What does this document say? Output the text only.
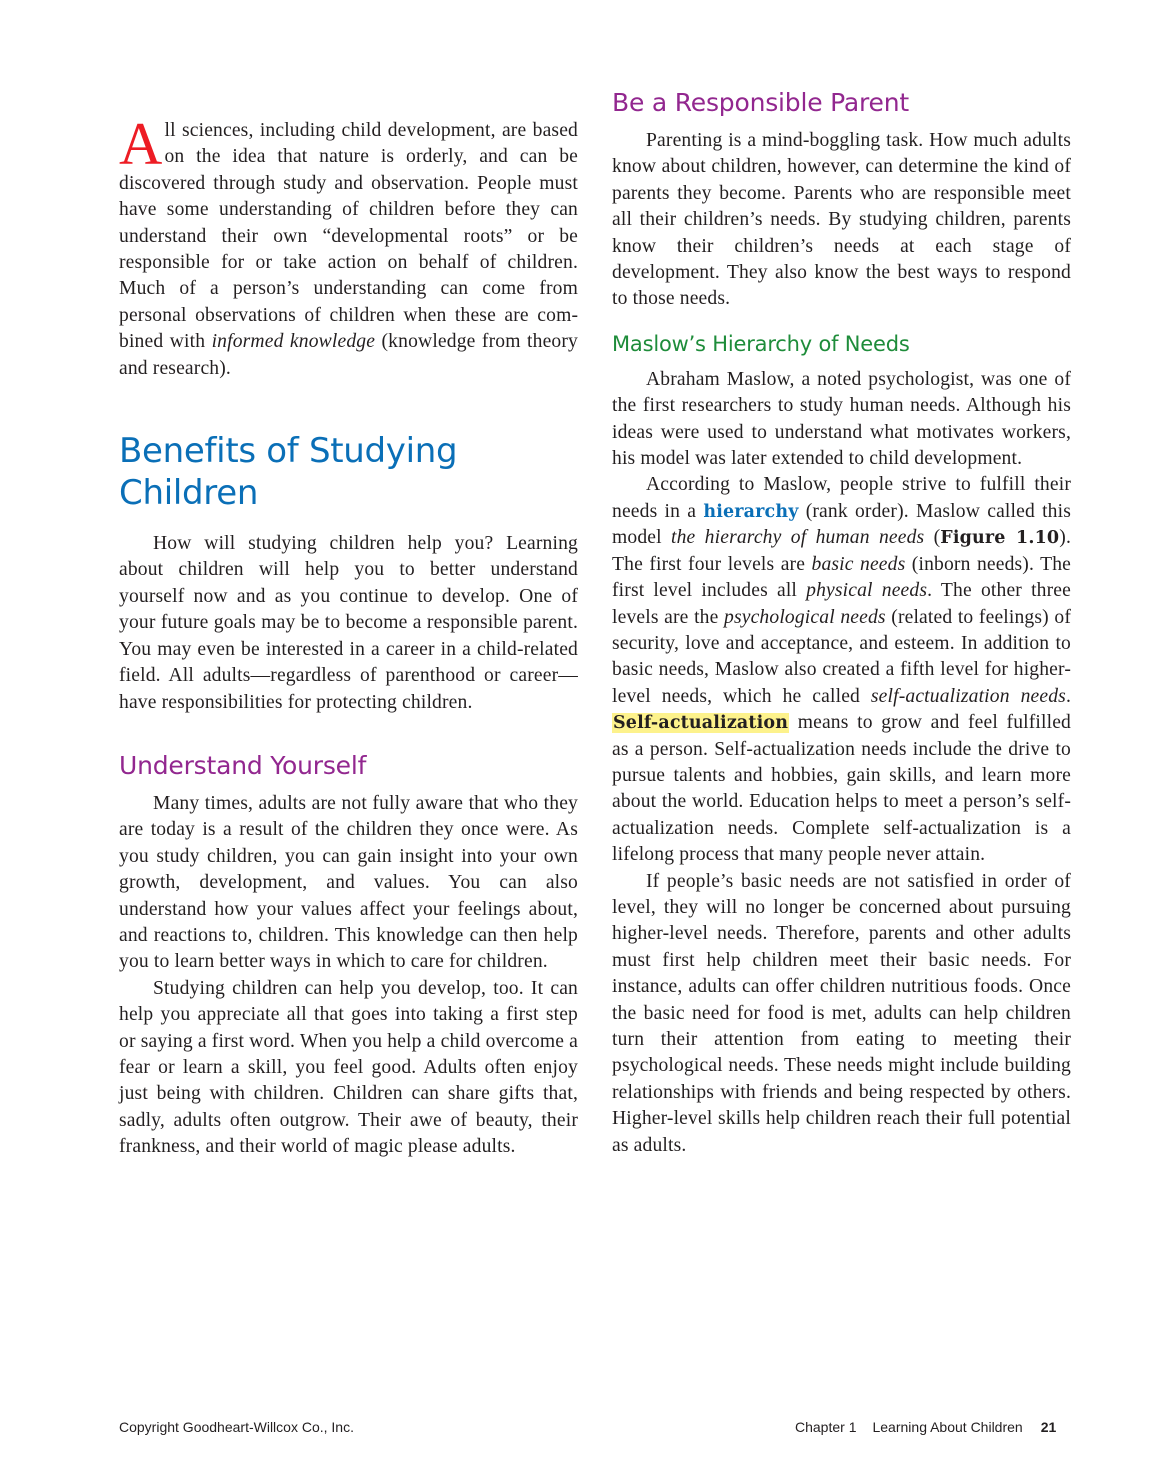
All sciences, including child development, are based on the idea that nature is orderly, and can be discovered through study and observation. People must have some understanding of children before they can understand their own “developmental roots” or be responsible for or take action on behalf of children. Much of a person’s understanding can come from personal observations of children when these are combined with informed knowledge (knowledge from theory and research).

Benefits of Studying Children

How will studying children help you? Learning about children will help you to better understand yourself now and as you continue to develop. One of your future goals may be to become a responsible parent. You may even be interested in a career in a child-related field. All adults—regardless of parenthood or career—have responsibilities for protecting children.

Understand Yourself

Many times, adults are not fully aware that who they are today is a result of the children they once were. As you study children, you can gain insight into your own growth, development, and values. You can also understand how your values affect your feelings about, and reactions to, children. This knowledge can then help you to learn better ways in which to care for children.

Studying children can help you develop, too. It can help you appreciate all that goes into taking a first step or saying a first word. When you help a child overcome a fear or learn a skill, you feel good. Adults often enjoy just being with children. Children can share gifts that, sadly, adults often outgrow. Their awe of beauty, their frankness, and their world of magic please adults.

Be a Responsible Parent

Parenting is a mind-boggling task. How much adults know about children, however, can determine the kind of parents they become. Parents who are responsible meet all their children’s needs. By studying children, parents know their children’s needs at each stage of development. They also know the best ways to respond to those needs.

Maslow’s Hierarchy of Needs

Abraham Maslow, a noted psychologist, was one of the first researchers to study human needs. Although his ideas were used to understand what motivates workers, his model was later extended to child development.

According to Maslow, people strive to fulfill their needs in a hierarchy (rank order). Maslow called this model the hierarchy of human needs (Figure 1.10). The first four levels are basic needs (inborn needs). The first level includes all physical needs. The other three levels are the psychological needs (related to feelings) of security, love and acceptance, and esteem. In addition to basic needs, Maslow also created a fifth level for higher-level needs, which he called self-actualization needs. Self-actualization means to grow and feel fulfilled as a person. Self-actualization needs include the drive to pursue talents and hobbies, gain skills, and learn more about the world. Education helps to meet a person’s self-actualization needs. Complete self-actualization is a lifelong process that many people never attain.

If people’s basic needs are not satisfied in order of level, they will no longer be concerned about pursuing higher-level needs. Therefore, parents and other adults must first help children meet their basic needs. For instance, adults can offer children nutritious foods. Once the basic need for food is met, adults can help children turn their attention from eating to meeting their psychological needs. These needs might include building relationships with friends and being respected by others. Higher-level skills help children reach their full potential as adults.

Copyright Goodheart-Willcox Co., Inc.	Chapter 1 Learning About Children 21
